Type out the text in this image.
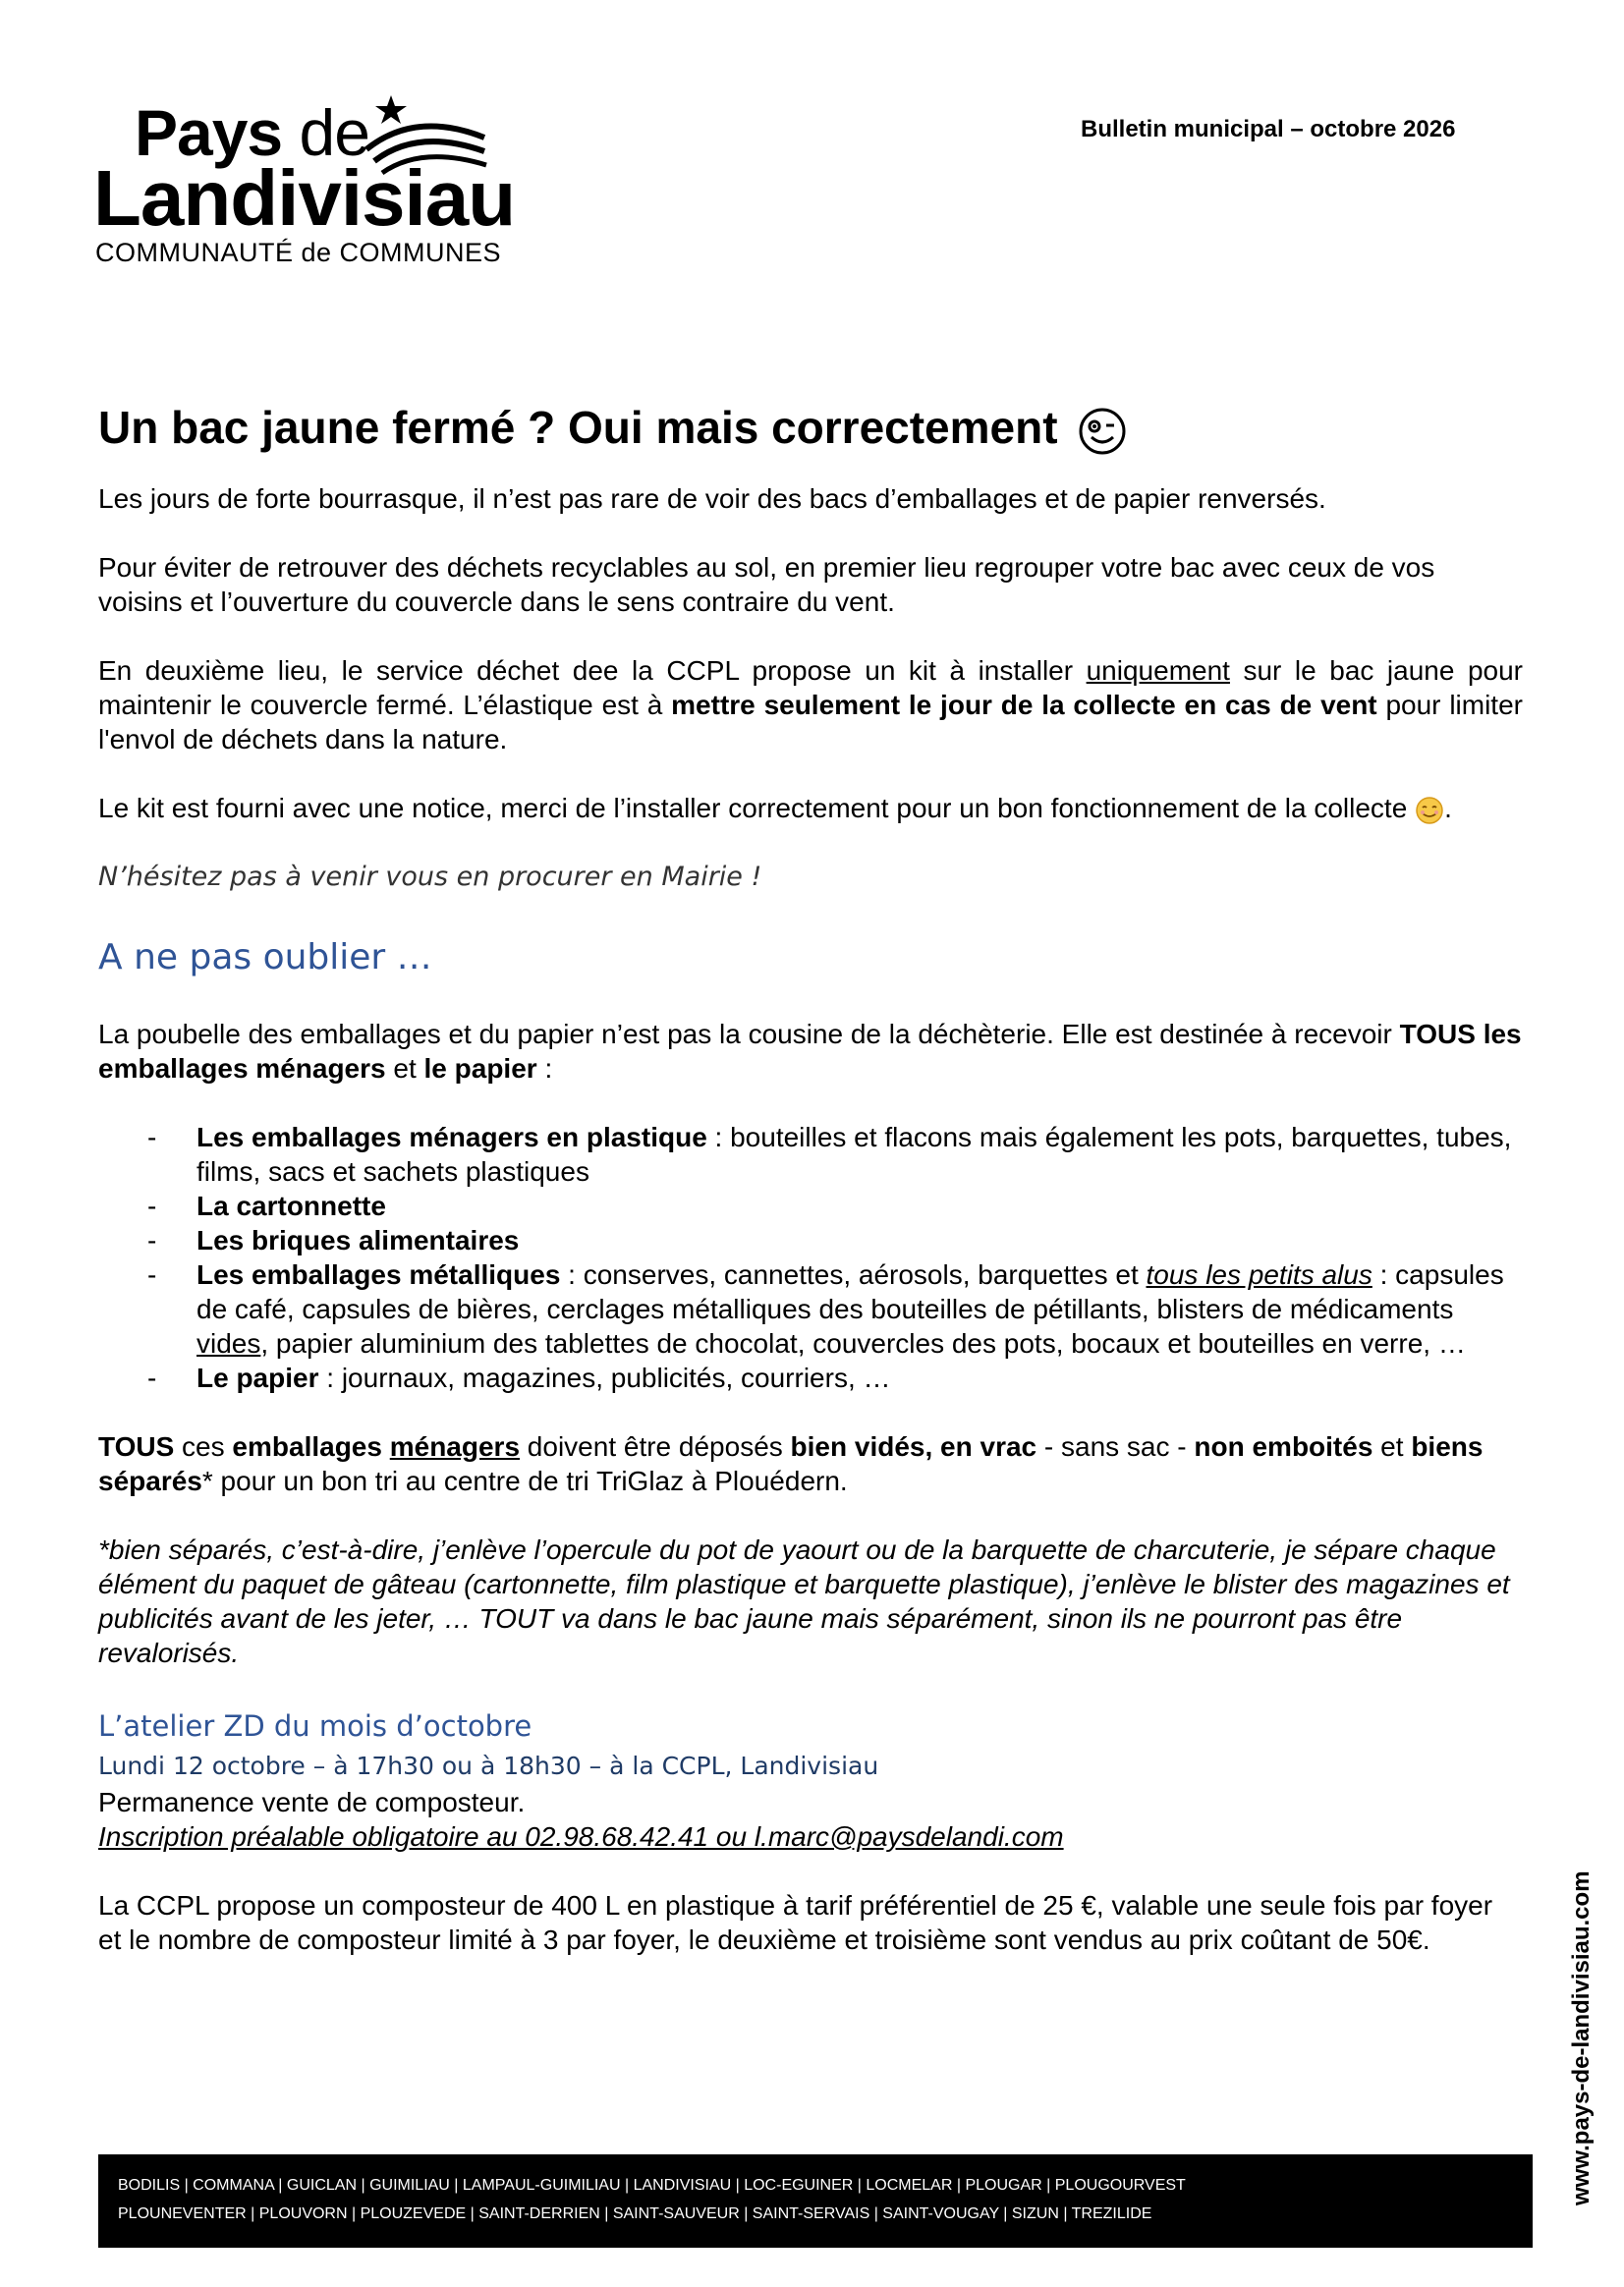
Pays de
Landivisiau
COMMUNAUTÉ de COMMUNES
Bulletin municipal – octobre 2026
Un bac jaune fermé ? Oui mais correctement

Les jours de forte bourrasque, il n’est pas rare de voir des bacs d’emballages et de papier renversés.

Pour éviter de retrouver des déchets recyclables au sol, en premier lieu regrouper votre bac avec ceux de vos voisins et l’ouverture du couvercle dans le sens contraire du vent.

En deuxième lieu, le service déchet dee la CCPL propose un kit à installer uniquement sur le bac jaune pour maintenir le couvercle fermé. L’élastique est à mettre seulement le jour de la collecte en cas de vent pour limiter l'envol de déchets dans la nature.

Le kit est fourni avec une notice, merci de l’installer correctement pour un bon fonctionnement de la collecte .

N’hésitez pas à venir vous en procurer en Mairie !

A ne pas oublier …

La poubelle des emballages et du papier n’est pas la cousine de la déchèterie. Elle est destinée à recevoir TOUS les emballages ménagers et le papier :

- Les emballages ménagers en plastique : bouteilles et flacons mais également les pots, barquettes, tubes, films, sacs et sachets plastiques
- La cartonnette
- Les briques alimentaires
- Les emballages métalliques : conserves, cannettes, aérosols, barquettes et tous les petits alus : capsules de café, capsules de bières, cerclages métalliques des bouteilles de pétillants, blisters de médicaments vides, papier aluminium des tablettes de chocolat, couvercles des pots, bocaux et bouteilles en verre, …
- Le papier : journaux, magazines, publicités, courriers, …

TOUS ces emballages ménagers doivent être déposés bien vidés, en vrac - sans sac - non emboités et biens séparés* pour un bon tri au centre de tri TriGlaz à Plouédern.

*bien séparés, c’est-à-dire, j’enlève l’opercule du pot de yaourt ou de la barquette de charcuterie, je sépare chaque élément du paquet de gâteau (cartonnette, film plastique et barquette plastique), j’enlève le blister des magazines et publicités avant de les jeter, … TOUT va dans le bac jaune mais séparément, sinon ils ne pourront pas être revalorisés.

L’atelier ZD du mois d’octobre
Lundi 12 octobre – à 17h30 ou à 18h30 – à la CCPL, Landivisiau
Permanence vente de composteur.
Inscription préalable obligatoire au 02.98.68.42.41 ou l.marc@paysdelandi.com

La CCPL propose un composteur de 400 L en plastique à tarif préférentiel de 25 €, valable une seule fois par foyer et le nombre de composteur limité à 3 par foyer, le deuxième et troisième sont vendus au prix coûtant de 50€.

BODILIS | COMMANA | GUICLAN | GUIMILIAU | LAMPAUL-GUIMILIAU | LANDIVISIAU | LOC-EGUINER | LOCMELAR | PLOUGAR | PLOUGOURVEST
PLOUNEVENTER | PLOUVORN | PLOUZEVEDE | SAINT-DERRIEN | SAINT-SAUVEUR | SAINT-SERVAIS | SAINT-VOUGAY | SIZUN | TREZILIDE
www.pays-de-landivisiau.com
